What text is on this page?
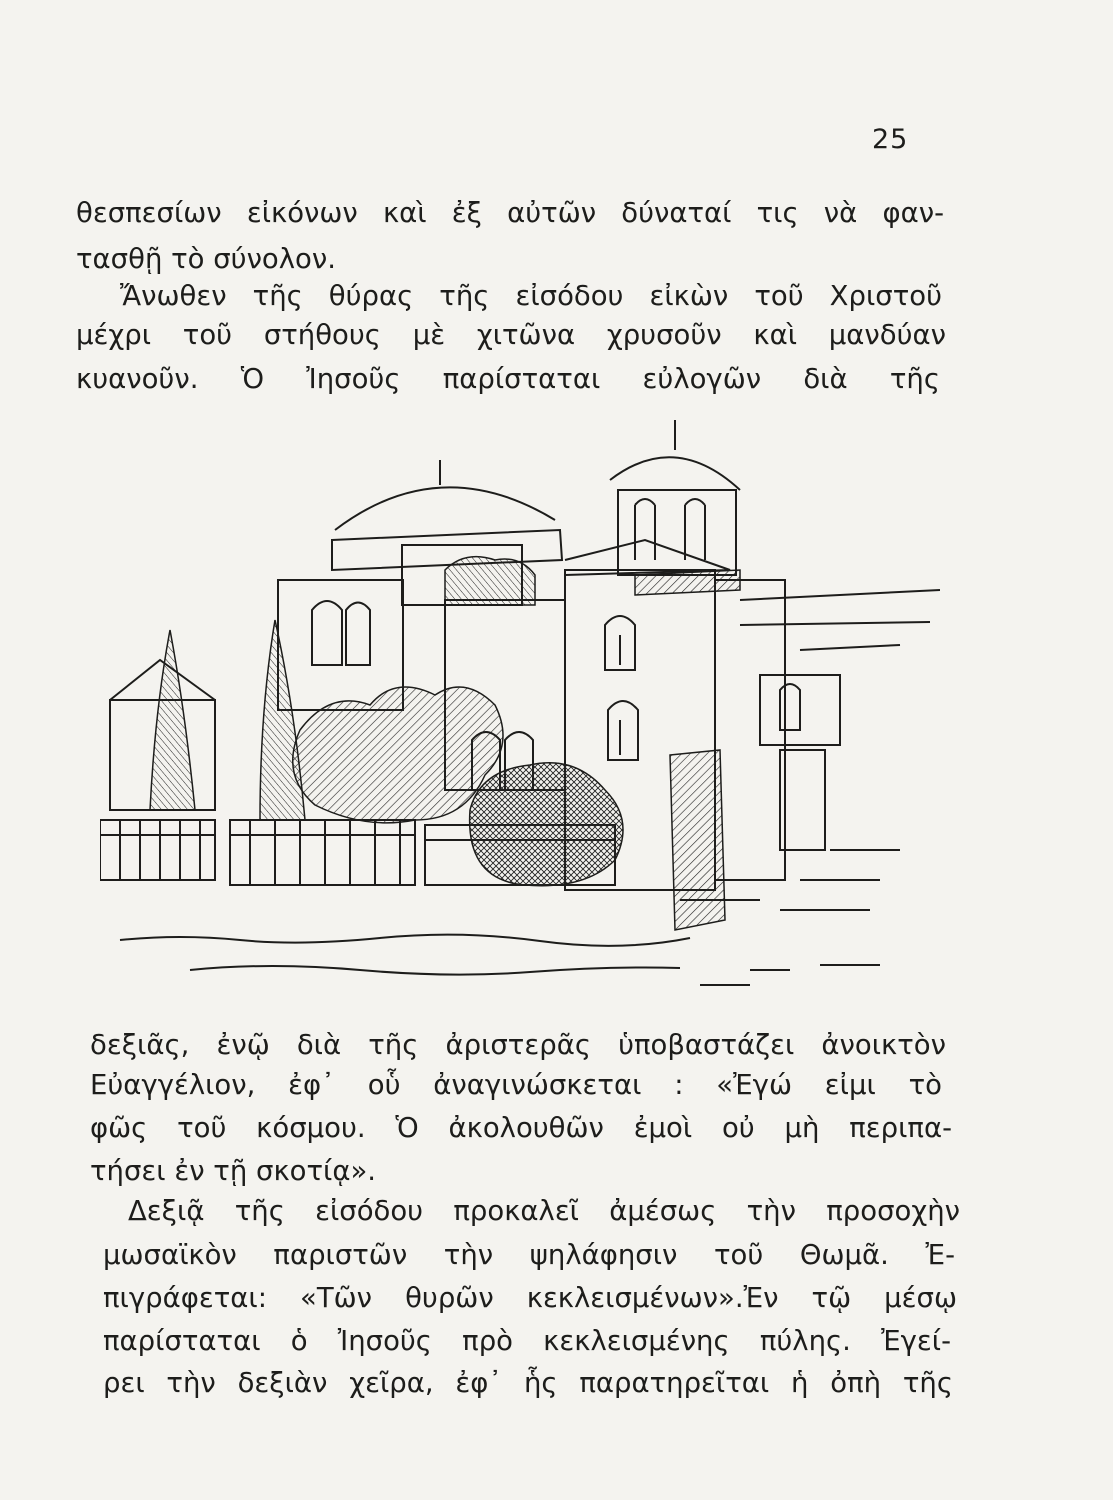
25
θεσπεσίων εἰκόνων καὶ ἐξ αὐτῶν δύναταί τις νὰ φαν-
τασθῇ τὸ σύνολον.
Ἄνωθεν τῆς θύρας τῆς εἰσόδου εἰκὼν τοῦ Χριστοῦ
μέχρι τοῦ στήθους μὲ χιτῶνα χρυσοῦν καὶ μανδύαν
κυανοῦν. Ὁ Ἰησοῦς παρίσταται εὐλογῶν διὰ τῆς
δεξιᾶς, ἐνῷ διὰ τῆς ἀριστερᾶς ὑποβαστάζει ἀνοικτὸν
Εὐαγγέλιον, ἐφ᾿ οὗ ἀναγινώσκεται : «Ἐγώ εἰμι τὸ
φῶς τοῦ κόσμου. Ὁ ἀκολουθῶν ἐμοὶ οὐ μὴ περιπα-
τήσει ἐν τῇ σκοτίᾳ».
Δεξιᾷ τῆς εἰσόδου προκαλεῖ ἀμέσως τὴν προσοχὴν
μωσαϊκὸν παριστῶν τὴν ψηλάφησιν τοῦ Θωμᾶ. Ἐ-
πιγράφεται: «Τῶν θυρῶν κεκλεισμένων».Ἐν τῷ μέσῳ
παρίσταται ὁ Ἰησοῦς πρὸ κεκλεισμένης πύλης. Ἐγεί-
ρει τὴν δεξιὰν χεῖρα, ἐφ᾿ ἧς παρατηρεῖται ἡ ὀπὴ τῆς
